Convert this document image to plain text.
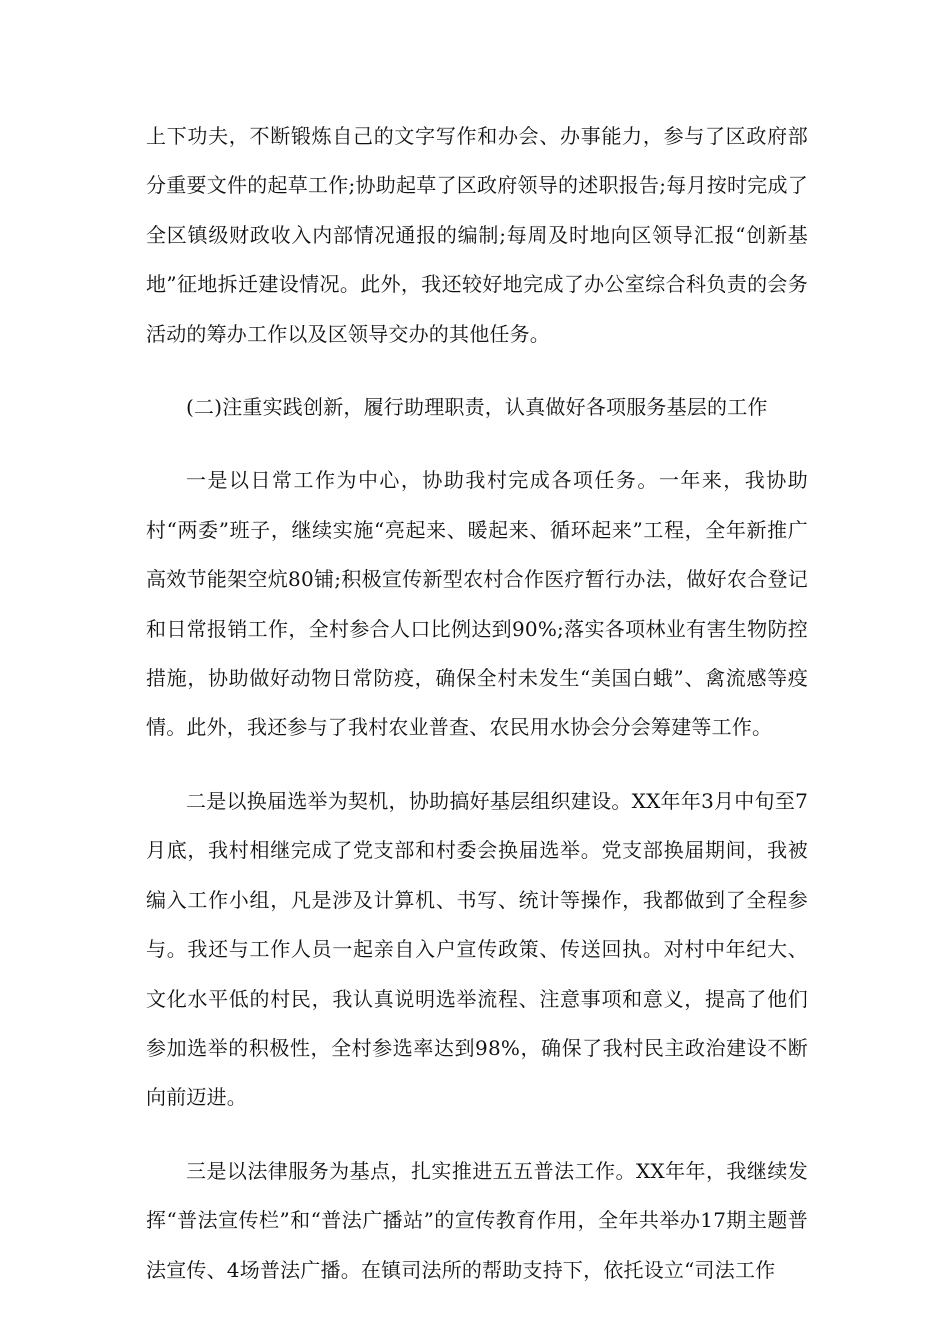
上下功夫，不断锻炼自己的文字写作和办会、办事能力，参与了区政府部分重要文件的起草工作;协助起草了区政府领导的述职报告;每月按时完成了全区镇级财政收入内部情况通报的编制;每周及时地向区领导汇报“创新基地”征地拆迁建设情况。此外，我还较好地完成了办公室综合科负责的会务活动的筹办工作以及区领导交办的其他任务。

(二)注重实践创新，履行助理职责，认真做好各项服务基层的工作

一是以日常工作为中心，协助我村完成各项任务。一年来，我协助村“两委”班子，继续实施“亮起来、暖起来、循环起来”工程，全年新推广高效节能架空炕80铺;积极宣传新型农村合作医疗暂行办法，做好农合登记和日常报销工作，全村参合人口比例达到90%;落实各项林业有害生物防控措施，协助做好动物日常防疫，确保全村未发生“美国白蛾”、禽流感等疫情。此外，我还参与了我村农业普查、农民用水协会分会筹建等工作。

二是以换届选举为契机，协助搞好基层组织建设。XX年年3月中旬至7月底，我村相继完成了党支部和村委会换届选举。党支部换届期间，我被编入工作小组，凡是涉及计算机、书写、统计等操作，我都做到了全程参与。我还与工作人员一起亲自入户宣传政策、传送回执。对村中年纪大、文化水平低的村民，我认真说明选举流程、注意事项和意义，提高了他们参加选举的积极性，全村参选率达到98%，确保了我村民主政治建设不断向前迈进。

三是以法律服务为基点，扎实推进五五普法工作。XX年年，我继续发挥“普法宣传栏”和“普法广播站”的宣传教育作用，全年共举办17期主题普法宣传、4场普法广播。在镇司法所的帮助支持下，依托设立“司法工作
